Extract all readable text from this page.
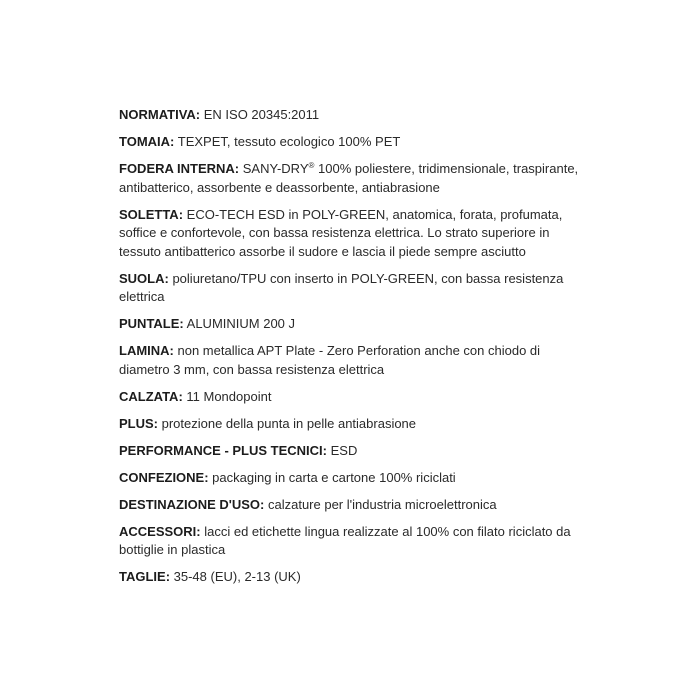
NORMATIVA: EN ISO 20345:2011
TOMAIA: TEXPET, tessuto ecologico 100% PET
FODERA INTERNA: SANY-DRY® 100% poliestere, tridimensionale, traspirante, antibatterico, assorbente e deassorbente, antiabrasione
SOLETTA: ECO-TECH ESD in POLY-GREEN, anatomica, forata, profumata, soffice e confortevole, con bassa resistenza elettrica. Lo strato superiore in tessuto antibatterico assorbe il sudore e lascia il piede sempre asciutto
SUOLA: poliuretano/TPU con inserto in POLY-GREEN, con bassa resistenza elettrica
PUNTALE: ALUMINIUM 200 J
LAMINA: non metallica APT Plate - Zero Perforation anche con chiodo di diametro 3 mm, con bassa resistenza elettrica
CALZATA: 11 Mondopoint
PLUS: protezione della punta in pelle antiabrasione
PERFORMANCE - PLUS TECNICI: ESD
CONFEZIONE: packaging in carta e cartone 100% riciclati
DESTINAZIONE D'USO: calzature per l'industria microelettronica
ACCESSORI: lacci ed etichette lingua realizzate al 100% con filato riciclato da bottiglie in plastica
TAGLIE: 35-48 (EU), 2-13 (UK)
